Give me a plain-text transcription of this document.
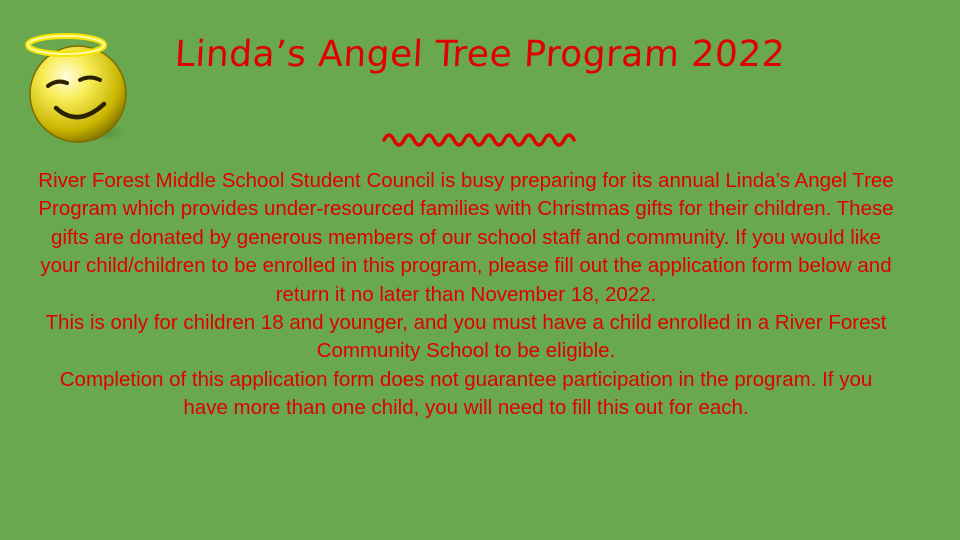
Linda’s Angel Tree Program 2022

River Forest Middle School Student Council is busy preparing for its annual Linda’s Angel Tree Program which provides under-resourced families with Christmas gifts for their children. These gifts are donated by generous members of our school staff and community. If you would like your child/children to be enrolled in this program, please fill out the application form below and return it no later than November 18, 2022.

This is only for children 18 and younger, and you must have a child enrolled in a River Forest Community School to be eligible.

Completion of this application form does not guarantee participation in the program. If you have more than one child, you will need to fill this out for each.
